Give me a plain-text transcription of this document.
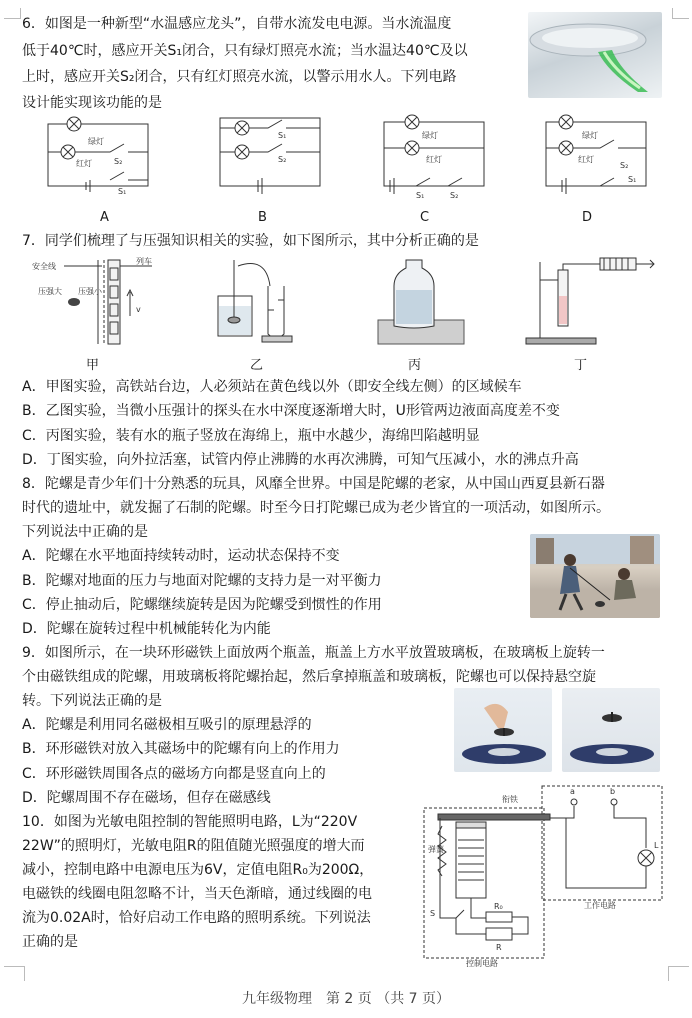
6．如图是一种新型“水温感应龙头”，自带水流发电电源。当水流温度
低于40℃时，感应开关S₁闭合，只有绿灯照亮水流；当水温达40℃及以
上时，感应开关S₂闭合，只有红灯照亮水流，以警示用水人。下列电路
设计能实现该功能的是
绿灯
红灯	S₂
S₁
A
S₁
S₂
B
绿灯
红灯
S₁	S₂
C
绿灯
红灯
S₂
S₁
D
7．同学们梳理了与压强知识相关的实验，如下图所示，其中分析正确的是
安全线
列车
v
压强大 压强小
甲	乙	丙	丁
A．甲图实验，高铁站台边，人必须站在黄色线以外（即安全线左侧）的区域候车
B．乙图实验，当微小压强计的探头在水中深度逐渐增大时，U形管两边液面高度差不变
C．丙图实验，装有水的瓶子竖放在海绵上，瓶中水越少，海绵凹陷越明显
D．丁图实验，向外拉活塞，试管内停止沸腾的水再次沸腾，可知气压减小，水的沸点升高
8．陀螺是青少年们十分熟悉的玩具，风靡全世界。中国是陀螺的老家，从中国山西夏县新石器
时代的遗址中，就发掘了石制的陀螺。时至今日打陀螺已成为老少皆宜的一项活动，如图所示。
下列说法中正确的是
A．陀螺在水平地面持续转动时，运动状态保持不变
B．陀螺对地面的压力与地面对陀螺的支持力是一对平衡力
C．停止抽动后，陀螺继续旋转是因为陀螺受到惯性的作用
D．陀螺在旋转过程中机械能转化为内能
9．如图所示，在一块环形磁铁上面放两个瓶盖，瓶盖上方水平放置玻璃板，在玻璃板上旋转一
个由磁铁组成的陀螺，用玻璃板将陀螺抬起，然后拿掉瓶盖和玻璃板，陀螺也可以保持悬空旋
转。下列说法正确的是
A．陀螺是利用同名磁极相互吸引的原理悬浮的
B．环形磁铁对放入其磁场中的陀螺有向上的作用力
C．环形磁铁周围各点的磁场方向都是竖直向上的
D．陀螺周围不存在磁场，但存在磁感线
10．如图为光敏电阻控制的智能照明电路，L为“220V
22W”的照明灯，光敏电阻R的阻值随光照强度的增大而
减小，控制电路中电源电压为6V，定值电阻R₀为200Ω，
电磁铁的线圈电阻忽略不计，当天色渐暗，通过线圈的电
流为0.02A时，恰好启动工作电路的照明系统。下列说法
正确的是
衔铁
弹簧
a	b
L
S
R₀
R
工作电路
控制电路
九年级物理　第 2 页 （共 7 页）
